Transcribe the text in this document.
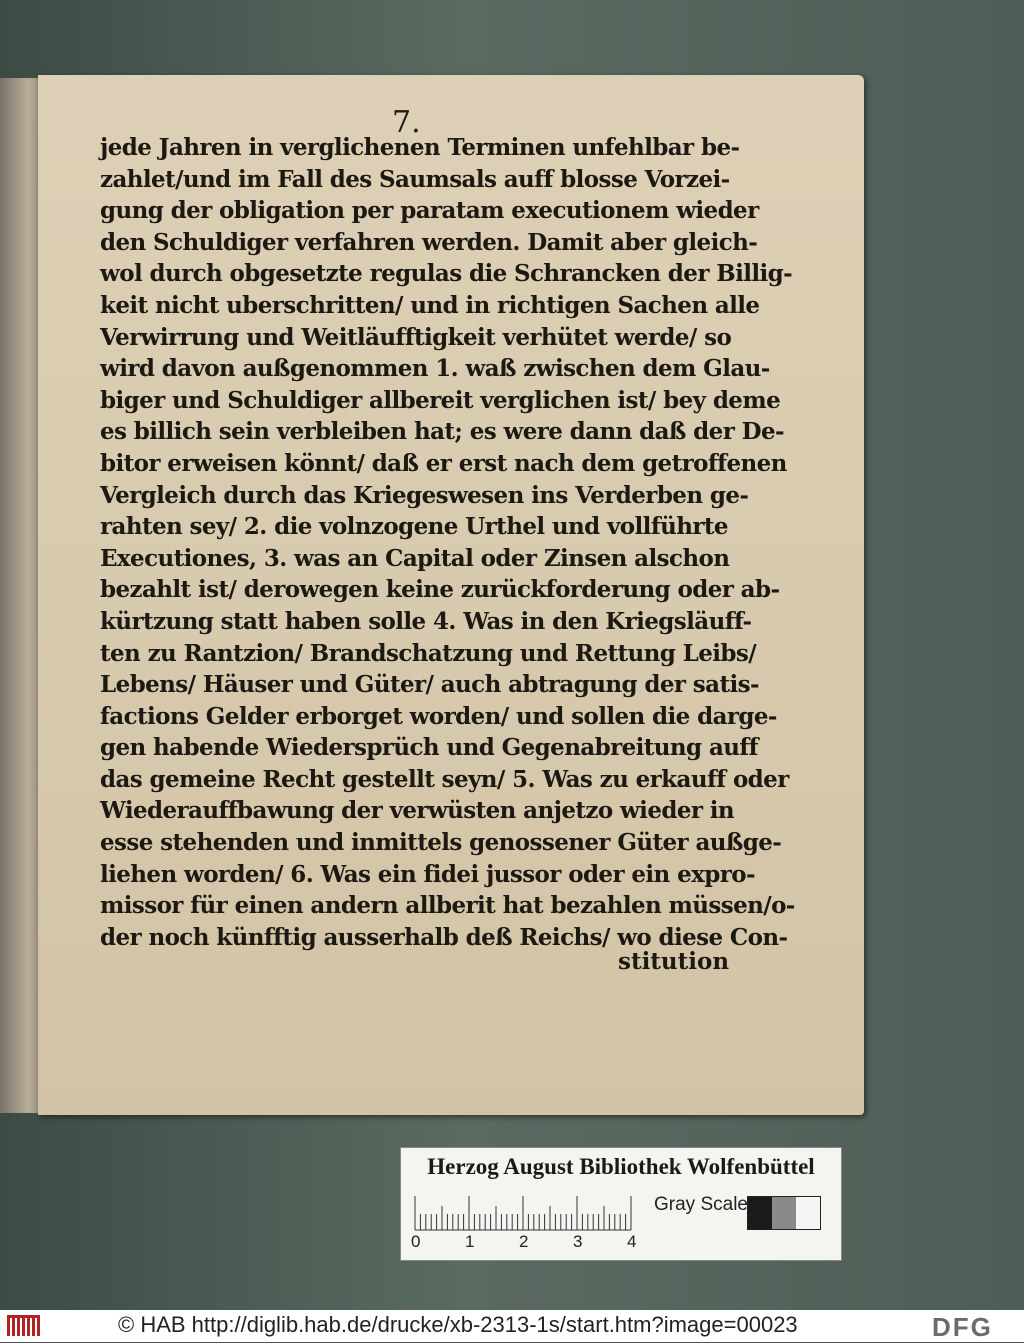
7.
jede Jahren in verglichenen Terminen unfehlbar be-
zahlet/und im Fall des Saumsals auff blosse Vorzei-
gung der obligation per paratam executionem wieder
den Schuldiger verfahren werden. Damit aber gleich-
wol durch obgesetzte regulas die Schrancken der Billig-
keit nicht uberschritten/ und in richtigen Sachen alle
Verwirrung und Weitläufftigkeit verhütet werde/ so
wird davon außgenommen 1. waß zwischen dem Glau-
biger und Schuldiger allbereit verglichen ist/ bey deme
es billich sein verbleiben hat; es were dann daß der De-
bitor erweisen könnt/ daß er erst nach dem getroffenen
Vergleich durch das Kriegeswesen ins Verderben ge-
rahten sey/ 2. die volnzogene Urthel und vollführte
Executiones, 3. was an Capital oder Zinsen alschon
bezahlt ist/ derowegen keine zurückforderung oder ab-
kürtzung statt haben solle 4. Was in den Kriegsläuff-
ten zu Rantzion/ Brandschatzung und Rettung Leibs/
Lebens/ Häuser und Güter/ auch abtragung der satis-
factions Gelder erborget worden/ und sollen die darge-
gen habende Wiedersprüch und Gegenabreitung auff
das gemeine Recht gestellt seyn/ 5. Was zu erkauff oder
Wiederauffbawung der verwüsten anjetzo wieder in
esse stehenden und inmittels genossener Güter außge-
liehen worden/ 6. Was ein fidei jussor oder ein expro-
missor für einen andern allberit hat bezahlen müssen/o-
der noch künfftig ausserhalb deß Reichs/ wo diese Con-
stitution
Herzog August Bibliothek Wolfenbüttel
0	1	2	3	4
Gray Scale
© HAB http://diglib.hab.de/drucke/xb-2313-1s/start.htm?image=00023	DFG
